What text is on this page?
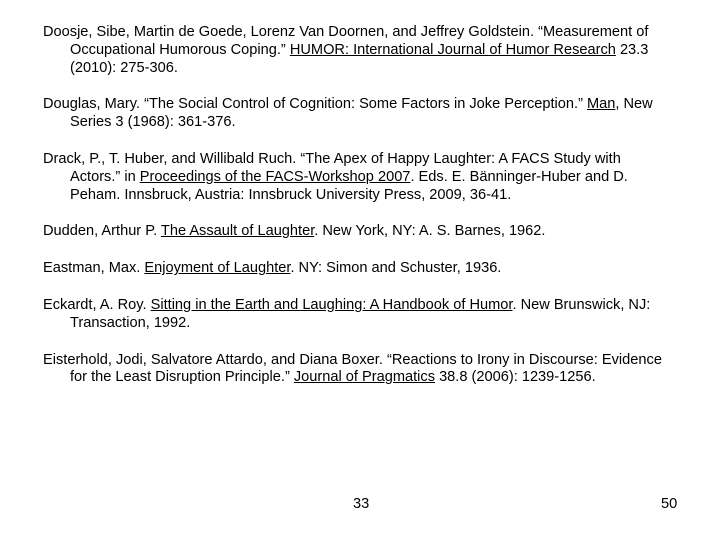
Doosje, Sibe, Martin de Goede, Lorenz Van Doornen, and Jeffrey Goldstein. “Measurement of Occupational Humorous Coping.” HUMOR: International Journal of Humor Research 23.3 (2010): 275-306.

Douglas, Mary. “The Social Control of Cognition: Some Factors in Joke Perception.” Man, New Series 3 (1968): 361-376.

Drack, P., T. Huber, and Willibald Ruch. “The Apex of Happy Laughter: A FACS Study with Actors.” in Proceedings of the FACS-Workshop 2007. Eds. E. Bänninger-Huber and D. Peham. Innsbruck, Austria: Innsbruck University Press, 2009, 36-41.

Dudden, Arthur P. The Assault of Laughter. New York, NY: A. S. Barnes, 1962.

Eastman, Max. Enjoyment of Laughter. NY: Simon and Schuster, 1936.

Eckardt, A. Roy. Sitting in the Earth and Laughing: A Handbook of Humor. New Brunswick, NJ: Transaction, 1992.

Eisterhold, Jodi, Salvatore Attardo, and Diana Boxer. “Reactions to Irony in Discourse: Evidence for the Least Disruption Principle.” Journal of Pragmatics 38.8 (2006): 1239-1256.

33	50
